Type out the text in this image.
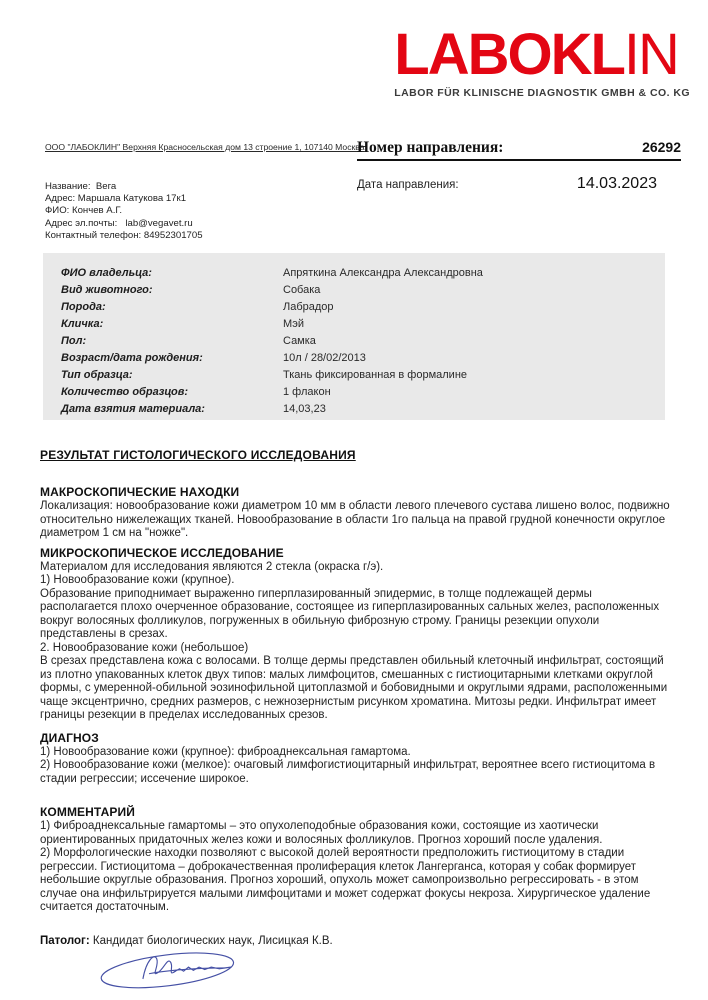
LABOKLIN
LABOR FÜR KLINISCHE DIAGNOSTIK GMBH & CO. KG
ООО "ЛАБОКЛИН" Верхняя Красносельская дом 13 строение 1, 107140 Москва
Название:  Вега
Адрес: Маршала Катукова 17к1
ФИО: Кончев А.Г.
Адрес эл.почты:   lab@vegavet.ru
Контактный телефон: 84952301705
Номер направления:	26292
Дата направления:	14.03.2023
ФИО владельца:	Апряткина Александра Александровна
Вид животного:	Собака
Порода:	Лабрадор
Кличка:	Мэй
Пол:	Самка
Возраст/дата рождения:	10л / 28/02/2013
Тип образца:	Ткань фиксированная в формалине
Количество образцов:	1 флакон
Дата взятия материала:	14,03,23
РЕЗУЛЬТАТ ГИСТОЛОГИЧЕСКОГО ИССЛЕДОВАНИЯ
МАКРОСКОПИЧЕСКИЕ НАХОДКИ

Локализация: новообразование кожи диаметром 10 мм в области левого плечевого сустава лишено волос, подвижно относительно нижележащих тканей. Новообразование в области 1го пальца на правой грудной конечности округлое диаметром 1 см на "ножке".

МИКРОСКОПИЧЕСКОЕ ИССЛЕДОВАНИЕ

Материалом для исследования являются 2 стекла (окраска г/э).

1) Новообразование кожи (крупное).

Образование приподнимает выраженно гиперплазированный эпидермис, в толще подлежащей дермы располагается плохо очерченное образование, состоящее из гиперплазированных сальных желез, расположенных вокруг волосяных фолликулов, погруженных в обильную фиброзную строму. Границы резекции опухоли представлены в срезах.

2. Новообразование кожи (небольшое)

В срезах представлена кожа с волосами. В толще дермы представлен обильный клеточный инфильтрат, состоящий из плотно упакованных клеток двух типов: малых лимфоцитов, смешанных с гистиоцитарными клетками округлой формы, с умеренной-обильной эозинофильной цитоплазмой и бобовидными и округлыми ядрами, расположенными чаще эксцентрично, средних размеров, с нежнозернистым рисунком хроматина. Митозы редки. Инфильтрат имеет границы резекции в пределах исследованных срезов.

ДИАГНОЗ

1) Новообразование кожи (крупное): фиброаднексальная гамартома.

2) Новообразование кожи (мелкое): очаговый лимфогистиоцитарный инфильтрат, вероятнее всего гистиоцитома в стадии регрессии; иссечение широкое.

КОММЕНТАРИЙ

1) Фиброаднексальные гамартомы – это опухолеподобные образования кожи, состоящие из хаотически ориентированных придаточных желез кожи и волосяных фолликулов. Прогноз хороший после удаления.

2) Морфологические находки позволяют с высокой долей вероятности предположить гистиоцитому в стадии регрессии. Гистиоцитома – доброкачественная пролиферация клеток Лангерганса, которая у собак формирует небольшие округлые образования. Прогноз хороший, опухоль может самопроизвольно регрессировать - в этом случае она инфильтрируется малыми лимфоцитами и может содержат фокусы некроза. Хирургическое удаление считается достаточным.

Патолог: Кандидат биологических наук, Лисицкая К.В.
